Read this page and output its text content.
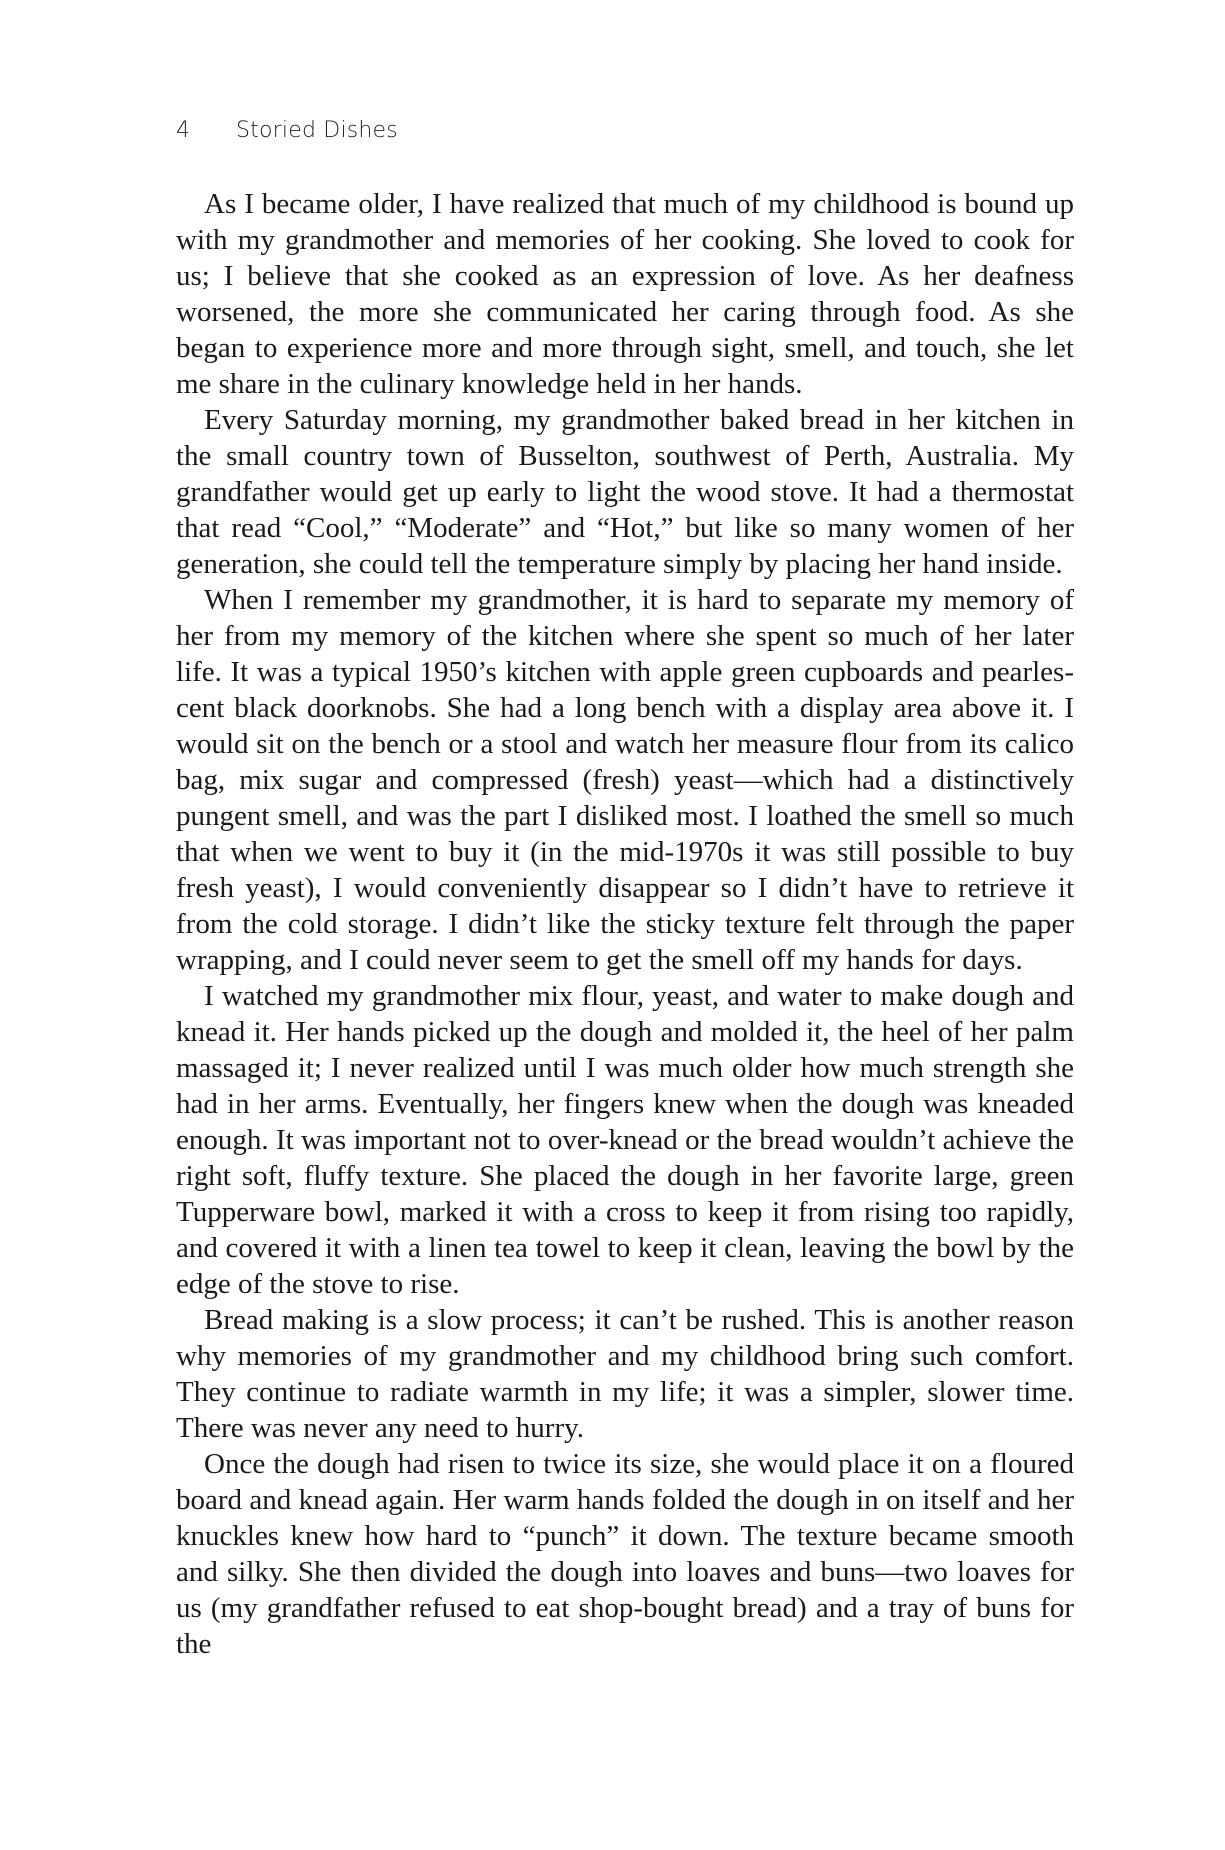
4 Storied Dishes

As I became older, I have realized that much of my childhood is bound up with my grandmother and memories of her cooking. She loved to cook for us; I believe that she cooked as an expression of love. As her deafness worsened, the more she communicated her caring through food. As she began to experience more and more through sight, smell, and touch, she let me share in the culinary knowledge held in her hands.

Every Saturday morning, my grandmother baked bread in her kitchen in the small country town of Busselton, southwest of Perth, Australia. My grandfather would get up early to light the wood stove. It had a thermostat that read “Cool,” “Moderate” and “Hot,” but like so many women of her generation, she could tell the temperature simply by placing her hand inside.

When I remember my grandmother, it is hard to separate my memory of her from my memory of the kitchen where she spent so much of her later life. It was a typical 1950’s kitchen with apple green cupboards and pearlescent black doorknobs. She had a long bench with a display area above it. I would sit on the bench or a stool and watch her measure flour from its calico bag, mix sugar and compressed (fresh) yeast—which had a distinctively pungent smell, and was the part I disliked most. I loathed the smell so much that when we went to buy it (in the mid-1970s it was still possible to buy fresh yeast), I would conveniently disappear so I didn’t have to retrieve it from the cold storage. I didn’t like the sticky texture felt through the paper wrapping, and I could never seem to get the smell off my hands for days.

I watched my grandmother mix flour, yeast, and water to make dough and knead it. Her hands picked up the dough and molded it, the heel of her palm massaged it; I never realized until I was much older how much strength she had in her arms. Eventually, her fingers knew when the dough was kneaded enough. It was important not to over-knead or the bread wouldn’t achieve the right soft, fluffy texture. She placed the dough in her favorite large, green Tupperware bowl, marked it with a cross to keep it from rising too rapidly, and covered it with a linen tea towel to keep it clean, leaving the bowl by the edge of the stove to rise.

Bread making is a slow process; it can’t be rushed. This is another reason why memories of my grandmother and my childhood bring such comfort. They continue to radiate warmth in my life; it was a simpler, slower time. There was never any need to hurry.

Once the dough had risen to twice its size, she would place it on a floured board and knead again. Her warm hands folded the dough in on itself and her knuckles knew how hard to “punch” it down. The texture became smooth and silky. She then divided the dough into loaves and buns—two loaves for us (my grandfather refused to eat shop-bought bread) and a tray of buns for the
